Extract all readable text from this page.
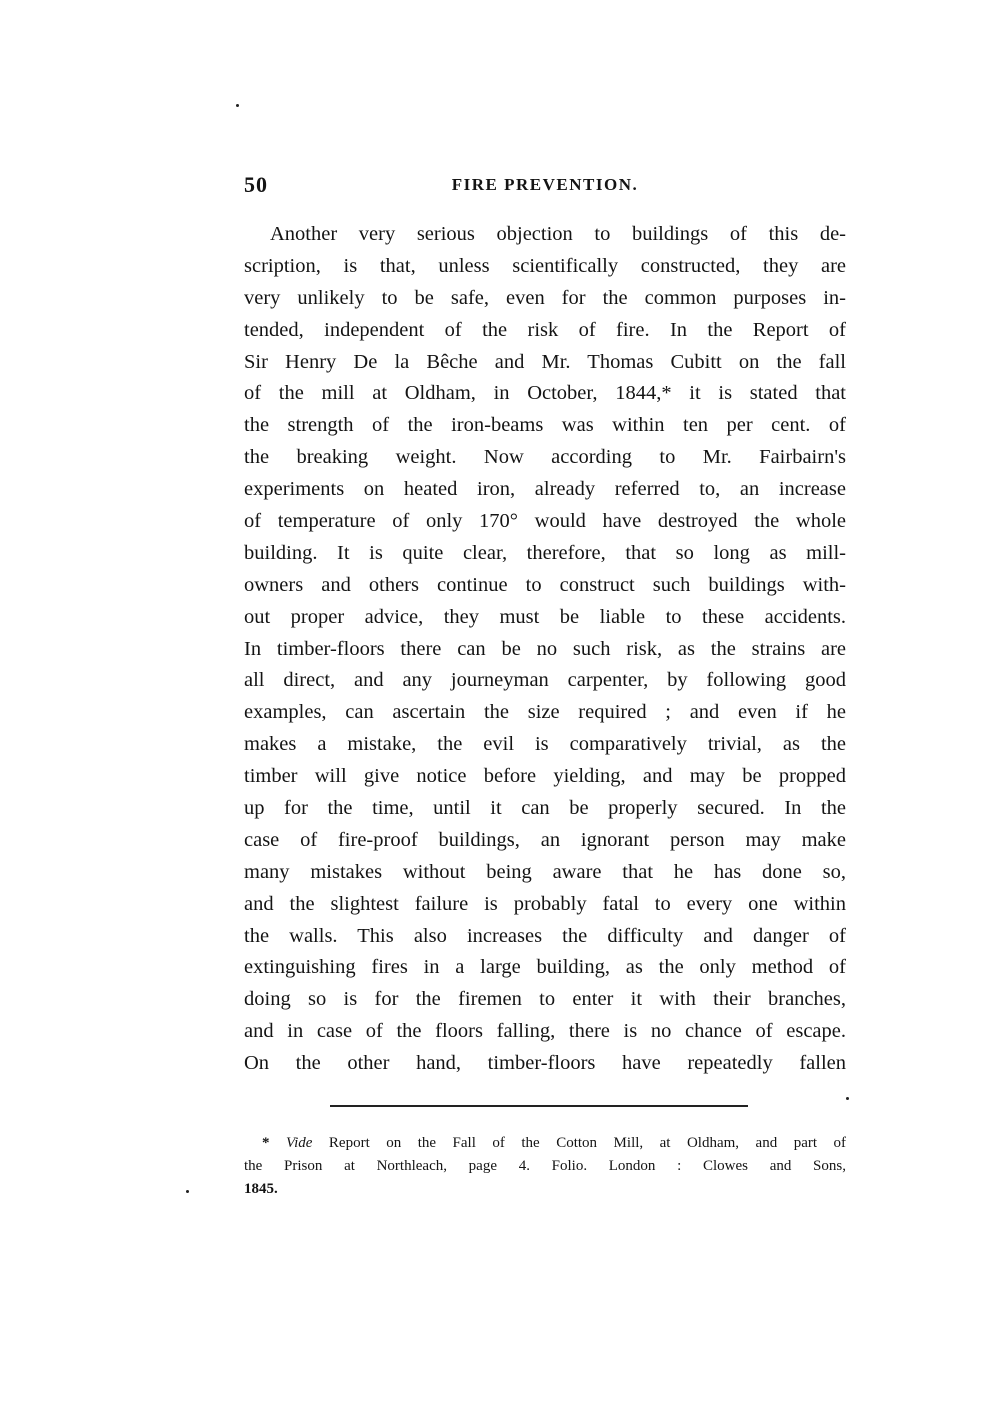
50	FIRE PREVENTION.
Another very serious objection to buildings of this de-
scription, is that, unless scientifically constructed, they are
very unlikely to be safe, even for the common purposes in-
tended, independent of the risk of fire. In the Report of
Sir Henry De la Bêche and Mr. Thomas Cubitt on the fall
of the mill at Oldham, in October, 1844,* it is stated that
the strength of the iron-beams was within ten per cent. of
the breaking weight. Now according to Mr. Fairbairn's
experiments on heated iron, already referred to, an increase
of temperature of only 170° would have destroyed the whole
building. It is quite clear, therefore, that so long as mill-
owners and others continue to construct such buildings with-
out proper advice, they must be liable to these accidents.
In timber-floors there can be no such risk, as the strains are
all direct, and any journeyman carpenter, by following good
examples, can ascertain the size required ; and even if he
makes a mistake, the evil is comparatively trivial, as the
timber will give notice before yielding, and may be propped
up for the time, until it can be properly secured. In the
case of fire-proof buildings, an ignorant person may make
many mistakes without being aware that he has done so,
and the slightest failure is probably fatal to every one within
the walls. This also increases the difficulty and danger of
extinguishing fires in a large building, as the only method of
doing so is for the firemen to enter it with their branches,
and in case of the floors falling, there is no chance of escape.
On the other hand, timber-floors have repeatedly fallen
* Vide Report on the Fall of the Cotton Mill, at Oldham, and part of
the Prison at Northleach, page 4. Folio. London : Clowes and Sons,
1845.
